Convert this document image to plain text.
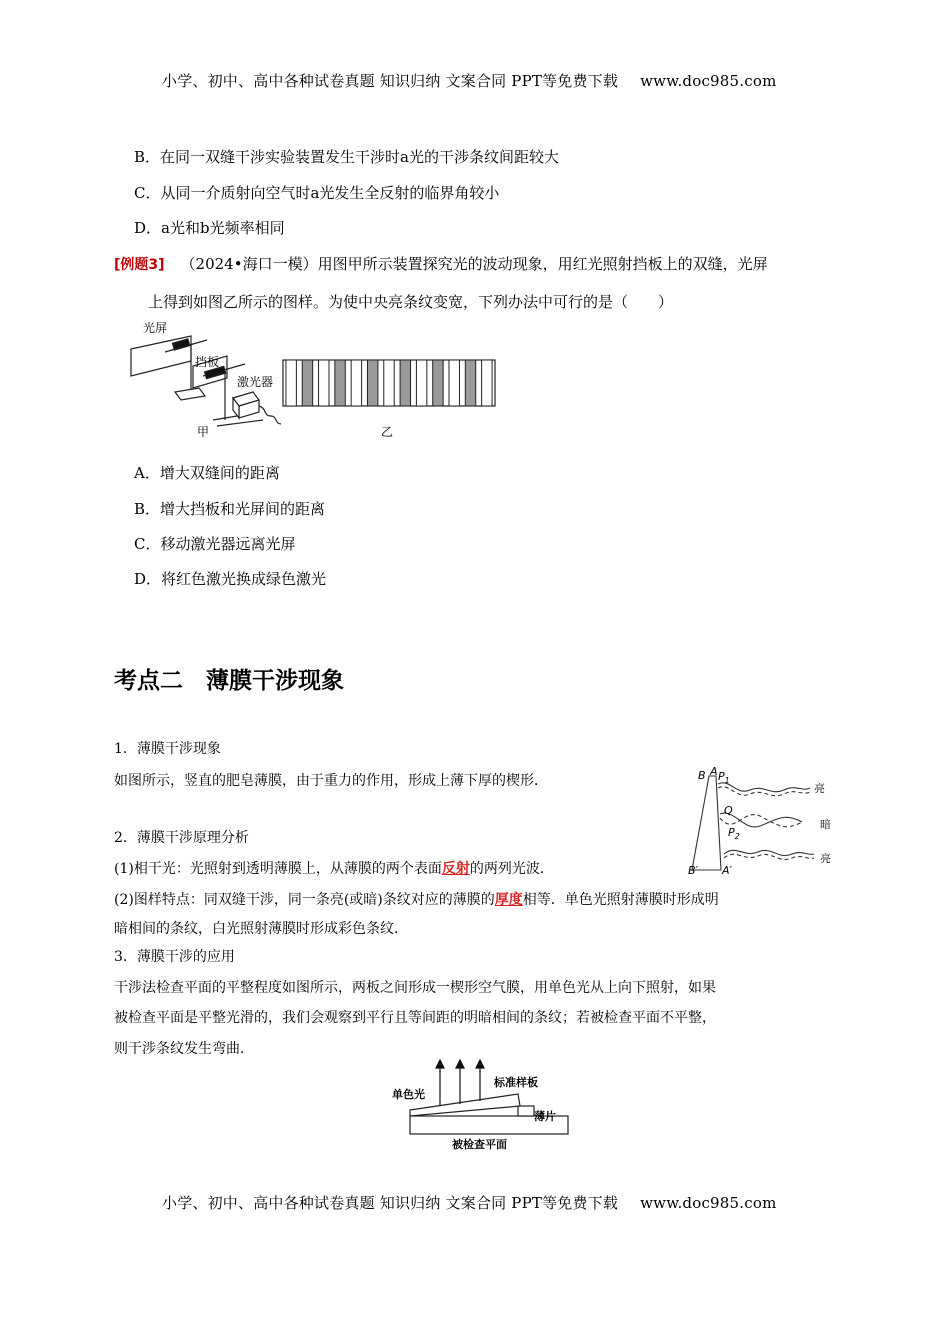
小学、初中、高中各种试卷真题 知识归纳 文案合同 PPT等免费下载 www.doc985.com
B．在同一双缝干涉实验装置发生干涉时a光的干涉条纹间距较大
C．从同一介质射向空气时a光发生全反射的临界角较小
D．a光和b光频率相同
[例题3] （2024•海口一模）用图甲所示装置探究光的波动现象，用红光照射挡板上的双缝，光屏
上得到如图乙所示的图样。为使中央亮条纹变宽，下列办法中可行的是（　　）
光屏
挡板
激光器
甲	乙
A．增大双缝间的距离
B．增大挡板和光屏间的距离
C．移动激光器远离光屏
D．将红色激光换成绿色激光
考点二　薄膜干涉现象
1．薄膜干涉现象
如图所示，竖直的肥皂薄膜，由于重力的作用，形成上薄下厚的楔形．
2．薄膜干涉原理分析
(1)相干光：光照射到透明薄膜上，从薄膜的两个表面反射的两列光波．
(2)图样特点：同双缝干涉，同一条亮(或暗)条纹对应的薄膜的厚度相等．单色光照射薄膜时形成明
暗相间的条纹，白光照射薄膜时形成彩色条纹．
3．薄膜干涉的应用
干涉法检查平面的平整程度如图所示，两板之间形成一楔形空气膜，用单色光从上向下照射，如果
被检查平面是平整光滑的，我们会观察到平行且等间距的明暗相间的条纹；若被检查平面不平整，
则干涉条纹发生弯曲．
B A $P_1$
Q
$P_2$
B′ A′
亮
暗
亮
单色光
标准样板
薄片
被检查平面
小学、初中、高中各种试卷真题 知识归纳 文案合同 PPT等免费下载 www.doc985.com
